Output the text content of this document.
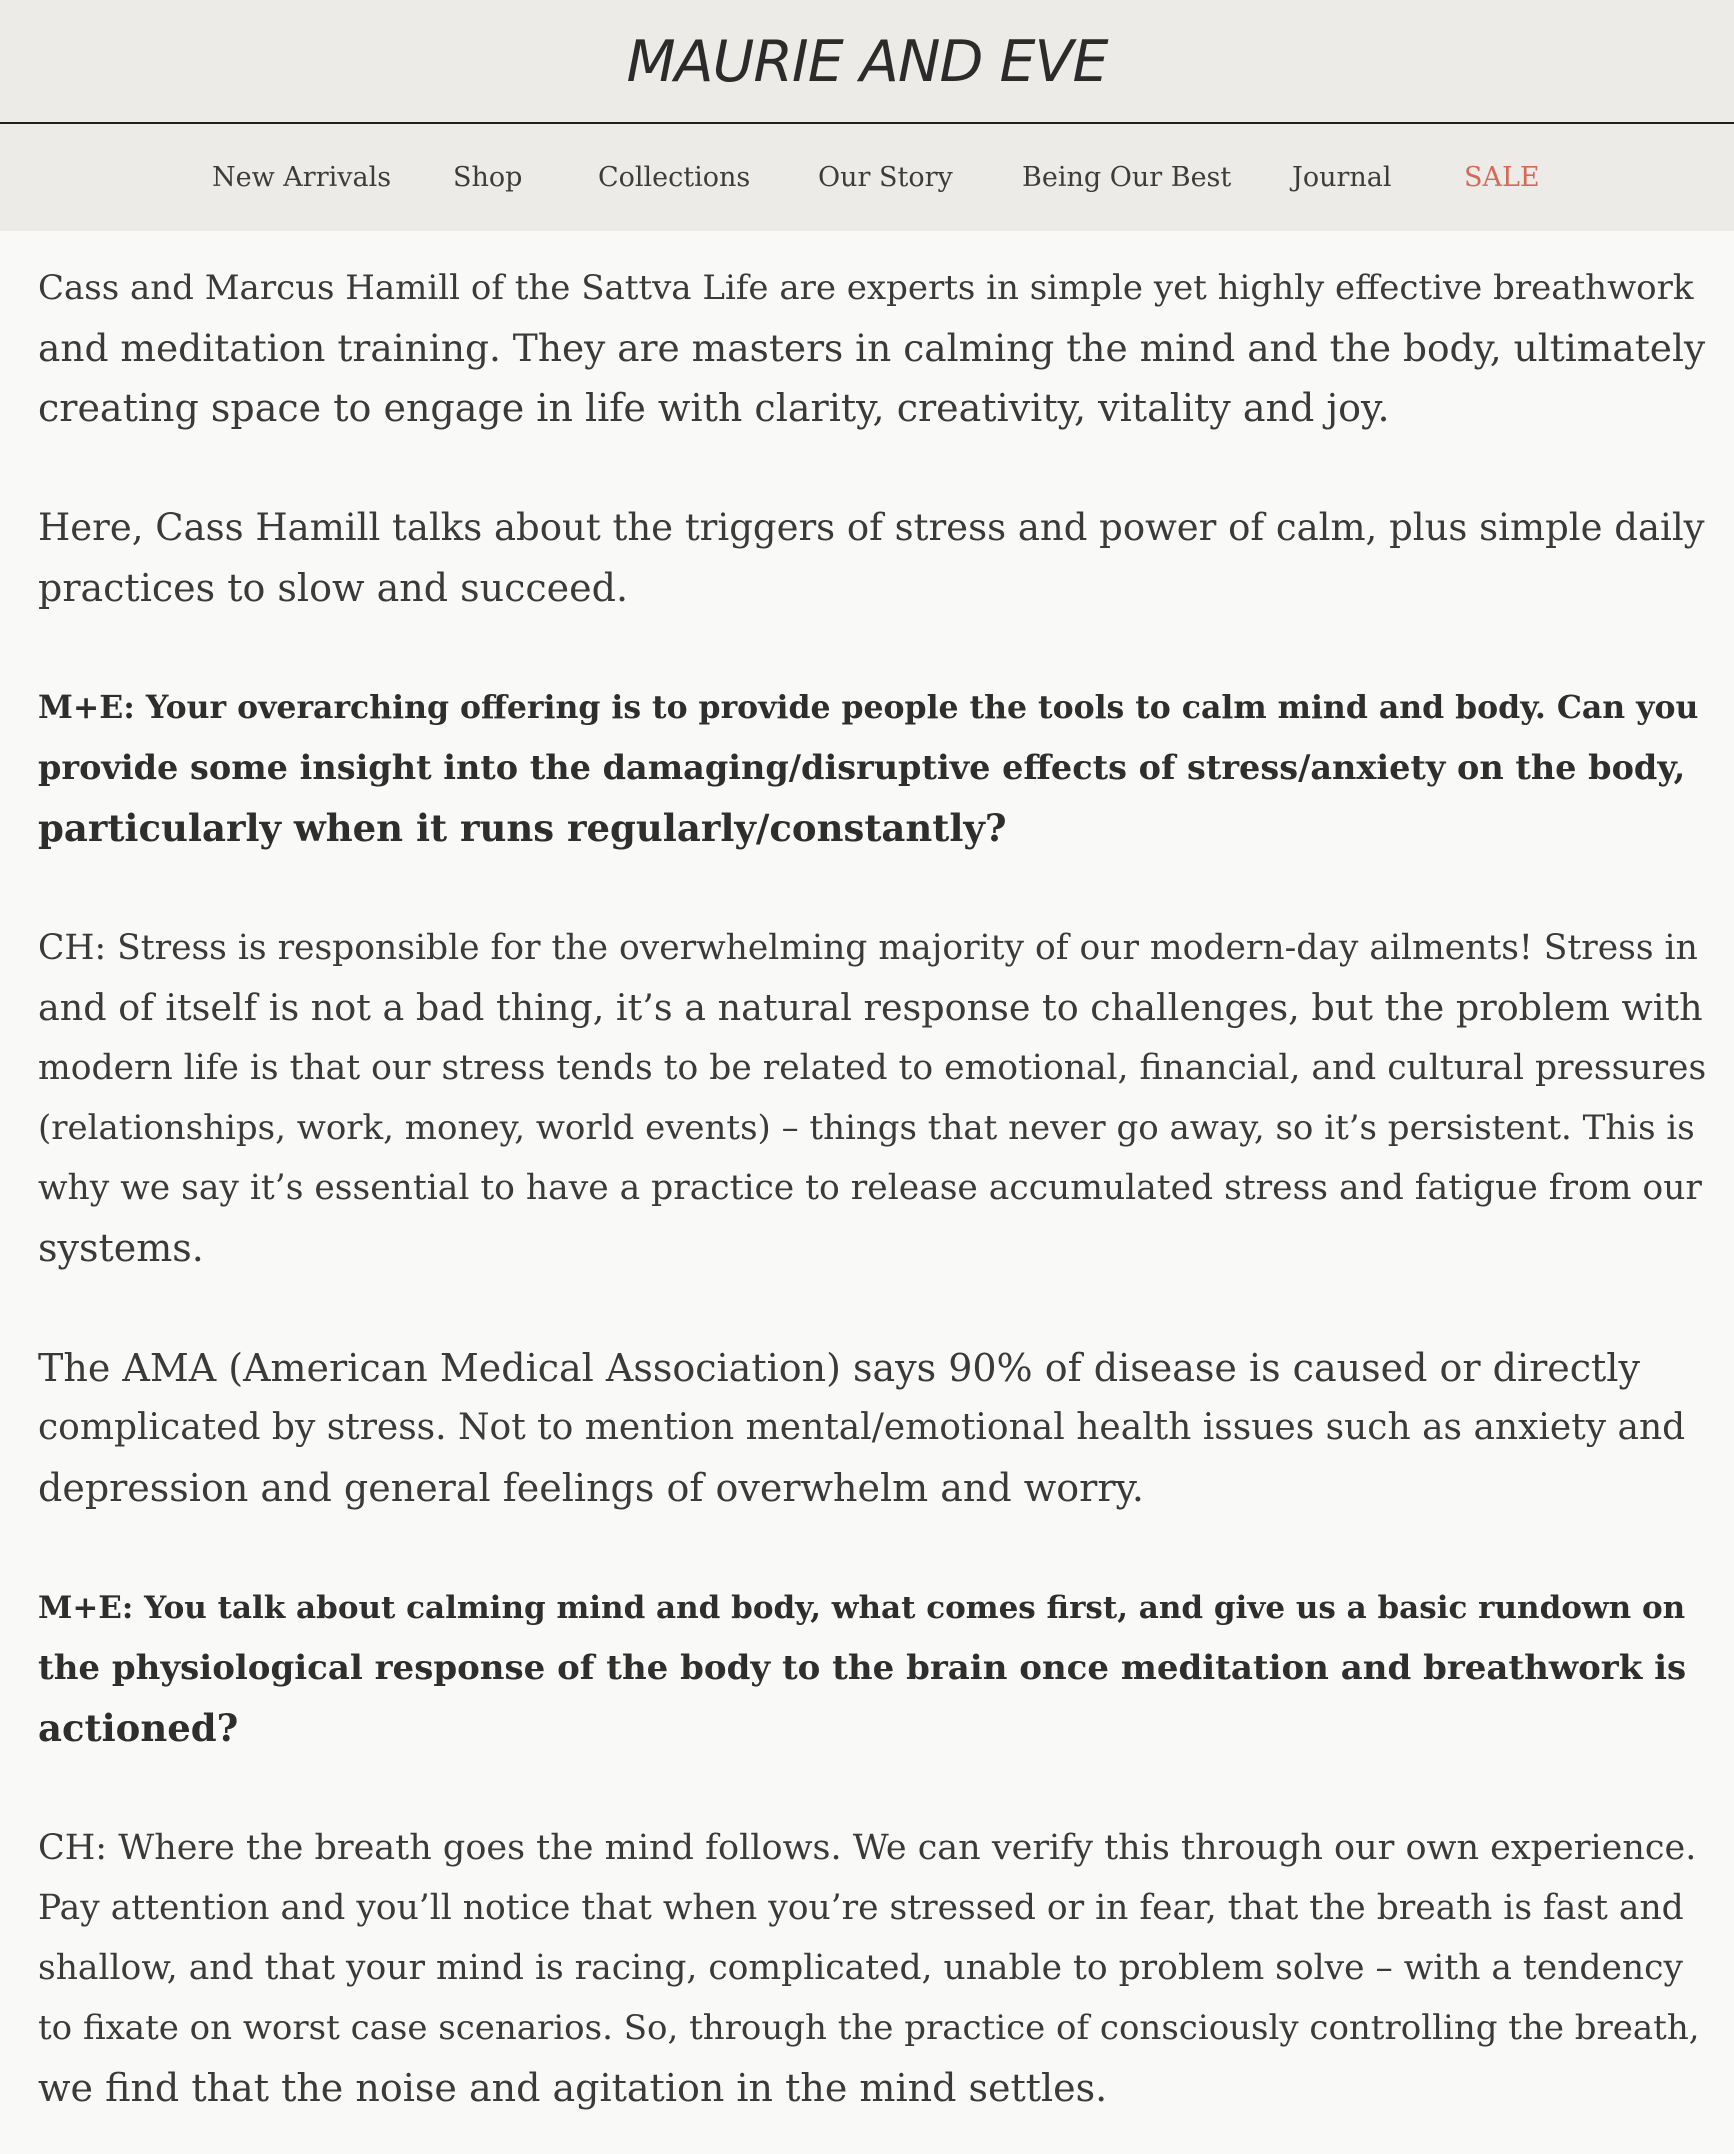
MAURIE AND EVE
New Arrivals Shop	Collections	Our Story	Being Our Best Journal	SALE

Cass and Marcus Hamill of the Sattva Life are experts in simple yet highly effective breathwork
and meditation training. They are masters in calming the mind and the body, ultimately
creating space to engage in life with clarity, creativity, vitality and joy.

Here, Cass Hamill talks about the triggers of stress and power of calm, plus simple daily
practices to slow and succeed.

M+E: Your overarching offering is to provide people the tools to calm mind and body. Can you
provide some insight into the damaging/disruptive effects of stress/anxiety on the body,
particularly when it runs regularly/constantly?

CH: Stress is responsible for the overwhelming majority of our modern-day ailments! Stress in
and of itself is not a bad thing, it’s a natural response to challenges, but the problem with
modern life is that our stress tends to be related to emotional, financial, and cultural pressures
(relationships, work, money, world events) – things that never go away, so it’s persistent. This is
why we say it’s essential to have a practice to release accumulated stress and fatigue from our
systems.

The AMA (American Medical Association) says 90% of disease is caused or directly
complicated by stress. Not to mention mental/emotional health issues such as anxiety and
depression and general feelings of overwhelm and worry.

M+E: You talk about calming mind and body, what comes first, and give us a basic rundown on
the physiological response of the body to the brain once meditation and breathwork is
actioned?

CH: Where the breath goes the mind follows. We can verify this through our own experience.
Pay attention and you’ll notice that when you’re stressed or in fear, that the breath is fast and
shallow, and that your mind is racing, complicated, unable to problem solve – with a tendency
to fixate on worst case scenarios. So, through the practice of consciously controlling the breath,
we find that the noise and agitation in the mind settles.
